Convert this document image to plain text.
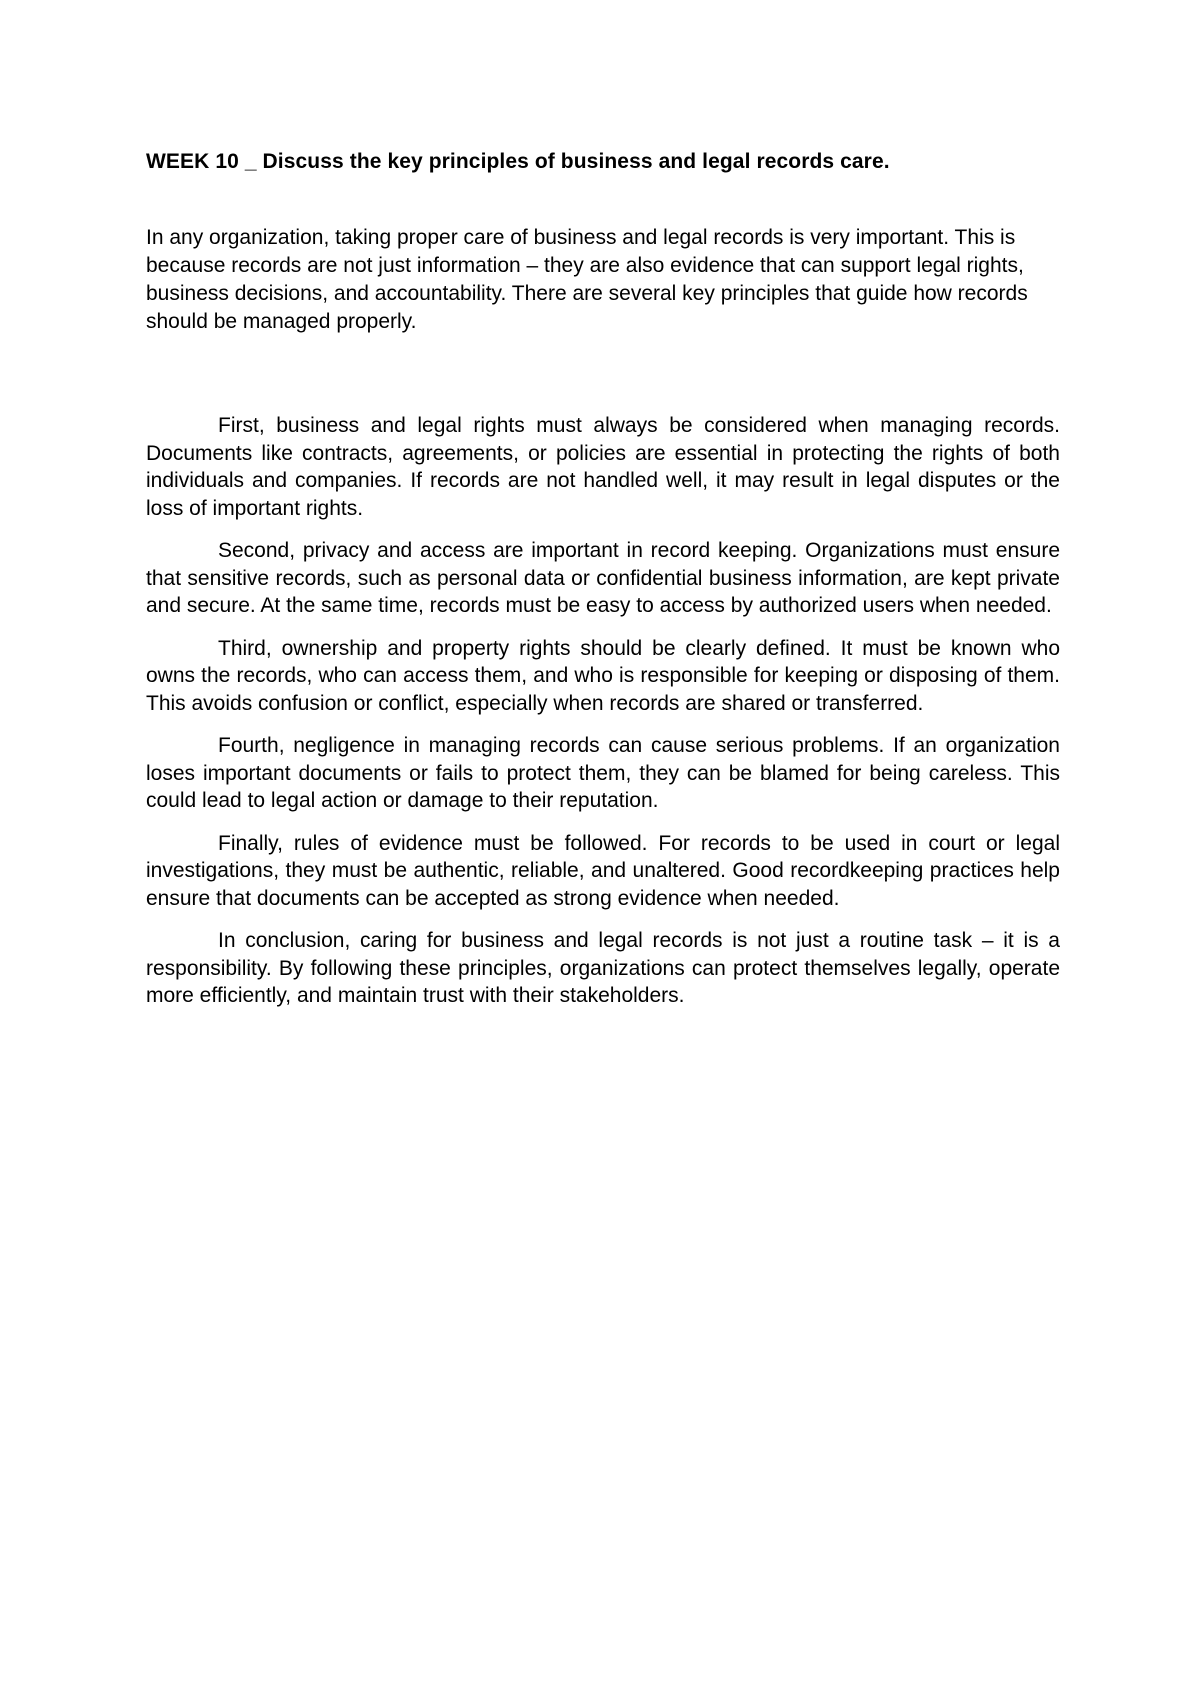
WEEK 10 _ Discuss the key principles of business and legal records care.

In any organization, taking proper care of business and legal records is very important. This is because records are not just information – they are also evidence that can support legal rights, business decisions, and accountability. There are several key principles that guide how records should be managed properly.

First, business and legal rights must always be considered when managing records. Documents like contracts, agreements, or policies are essential in protecting the rights of both individuals and companies. If records are not handled well, it may result in legal disputes or the loss of important rights.

Second, privacy and access are important in record keeping. Organizations must ensure that sensitive records, such as personal data or confidential business information, are kept private and secure. At the same time, records must be easy to access by authorized users when needed.

Third, ownership and property rights should be clearly defined. It must be known who owns the records, who can access them, and who is responsible for keeping or disposing of them. This avoids confusion or conflict, especially when records are shared or transferred.

Fourth, negligence in managing records can cause serious problems. If an organization loses important documents or fails to protect them, they can be blamed for being careless. This could lead to legal action or damage to their reputation.

Finally, rules of evidence must be followed. For records to be used in court or legal investigations, they must be authentic, reliable, and unaltered. Good recordkeeping practices help ensure that documents can be accepted as strong evidence when needed.

In conclusion, caring for business and legal records is not just a routine task – it is a responsibility. By following these principles, organizations can protect themselves legally, operate more efficiently, and maintain trust with their stakeholders.
